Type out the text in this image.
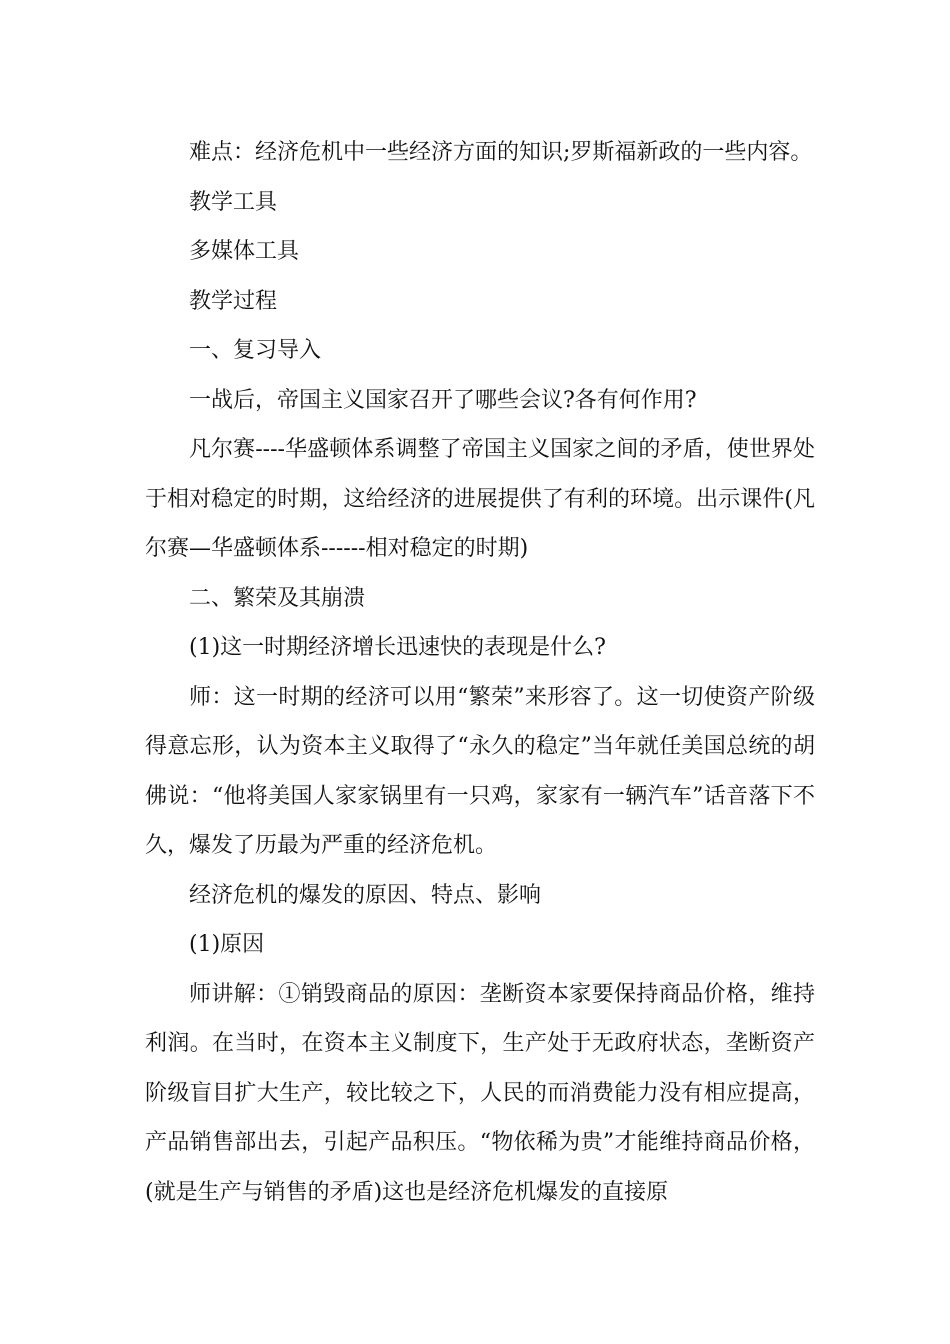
难点：经济危机中一些经济方面的知识;罗斯福新政的一些内容。

教学工具

多媒体工具

教学过程

一、复习导入

一战后，帝国主义国家召开了哪些会议?各有何作用?

凡尔赛----华盛顿体系调整了帝国主义国家之间的矛盾，使世界处于相对稳定的时期，这给经济的进展提供了有利的环境。出示课件(凡尔赛—华盛顿体系------相对稳定的时期)

二、繁荣及其崩溃

(1)这一时期经济增长迅速快的表现是什么?

师：这一时期的经济可以用“繁荣”来形容了。这一切使资产阶级得意忘形，认为资本主义取得了“永久的稳定”当年就任美国总统的胡佛说：“他将美国人家家锅里有一只鸡，家家有一辆汽车”话音落下不久，爆发了历最为严重的经济危机。

经济危机的爆发的原因、特点、影响

(1)原因

师讲解：①销毁商品的原因：垄断资本家要保持商品价格，维持利润。在当时，在资本主义制度下，生产处于无政府状态，垄断资产阶级盲目扩大生产，较比较之下，人民的而消费能力没有相应提高，产品销售部出去，引起产品积压。“物依稀为贵”才能维持商品价格，(就是生产与销售的矛盾)这也是经济危机爆发的直接原
